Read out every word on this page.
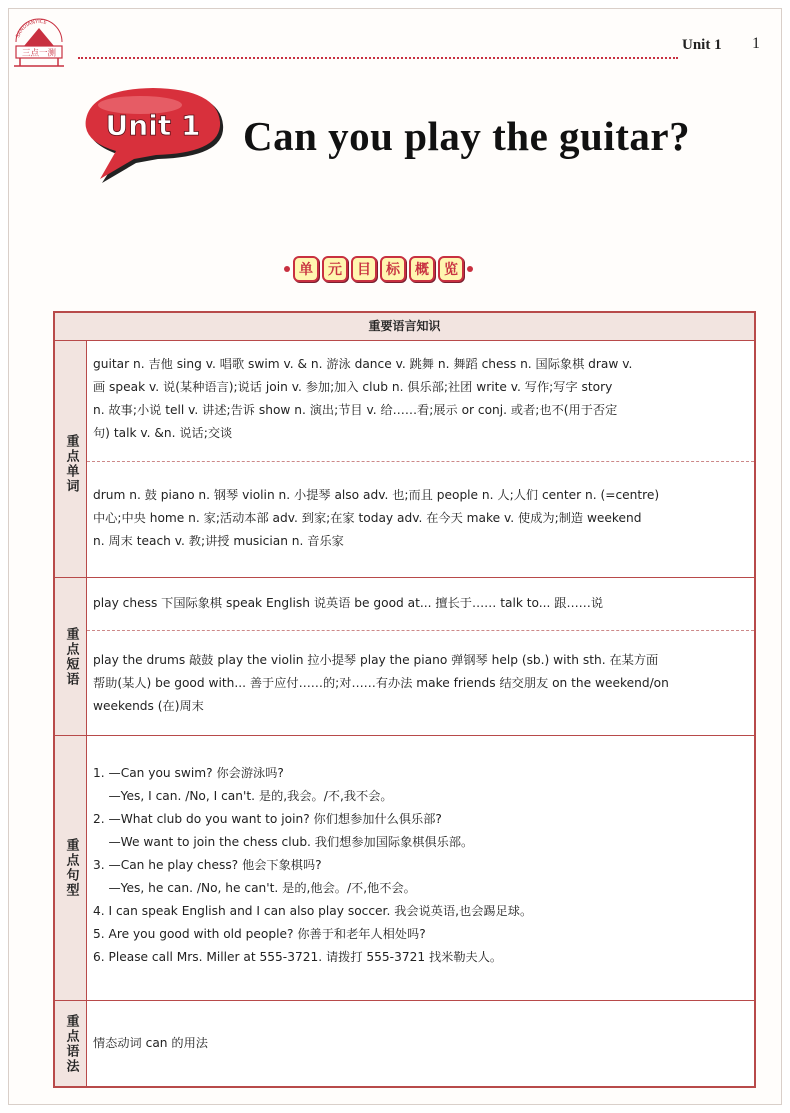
SANDIANYICE
三点一测
Unit 1 1
Unit 1 Can you play the guitar?
单	元	目	标	概	览
重要语言知识
重点单词

guitar n. 吉他 sing v. 唱歌 swim v. & n. 游泳 dance v. 跳舞 n. 舞蹈 chess n. 国际象棋 draw v.

画 speak v. 说(某种语言);说话 join v. 参加;加入 club n. 俱乐部;社团 write v. 写作;写字 story

n. 故事;小说 tell v. 讲述;告诉 show n. 演出;节目 v. 给……看;展示 or conj. 或者;也不(用于否定

句) talk v. &n. 说话;交谈

drum n. 鼓 piano n. 钢琴 violin n. 小提琴 also adv. 也;而且 people n. 人;人们 center n. (=centre)

中心;中央 home n. 家;活动本部 adv. 到家;在家 today adv. 在今天 make v. 使成为;制造 weekend

n. 周末 teach v. 教;讲授 musician n. 音乐家

重点短语

play chess 下国际象棋 speak English 说英语 be good at... 擅长于…… talk to... 跟……说

play the drums 敲鼓 play the violin 拉小提琴 play the piano 弹钢琴 help (sb.) with sth. 在某方面

帮助(某人) be good with... 善于应付……的;对……有办法 make friends 结交朋友 on the weekend/on

weekends (在)周末

重点句型

1. —Can you swim? 你会游泳吗?

—Yes, I can. /No, I can't. 是的,我会。/不,我不会。

2. —What club do you want to join? 你们想参加什么俱乐部?

—We want to join the chess club. 我们想参加国际象棋俱乐部。

3. —Can he play chess? 他会下象棋吗?

—Yes, he can. /No, he can't. 是的,他会。/不,他不会。

4. I can speak English and I can also play soccer. 我会说英语,也会踢足球。

5. Are you good with old people? 你善于和老年人相处吗?

6. Please call Mrs. Miller at 555-3721. 请拨打 555-3721 找米勒夫人。

重点语法 情态动词 can 的用法
